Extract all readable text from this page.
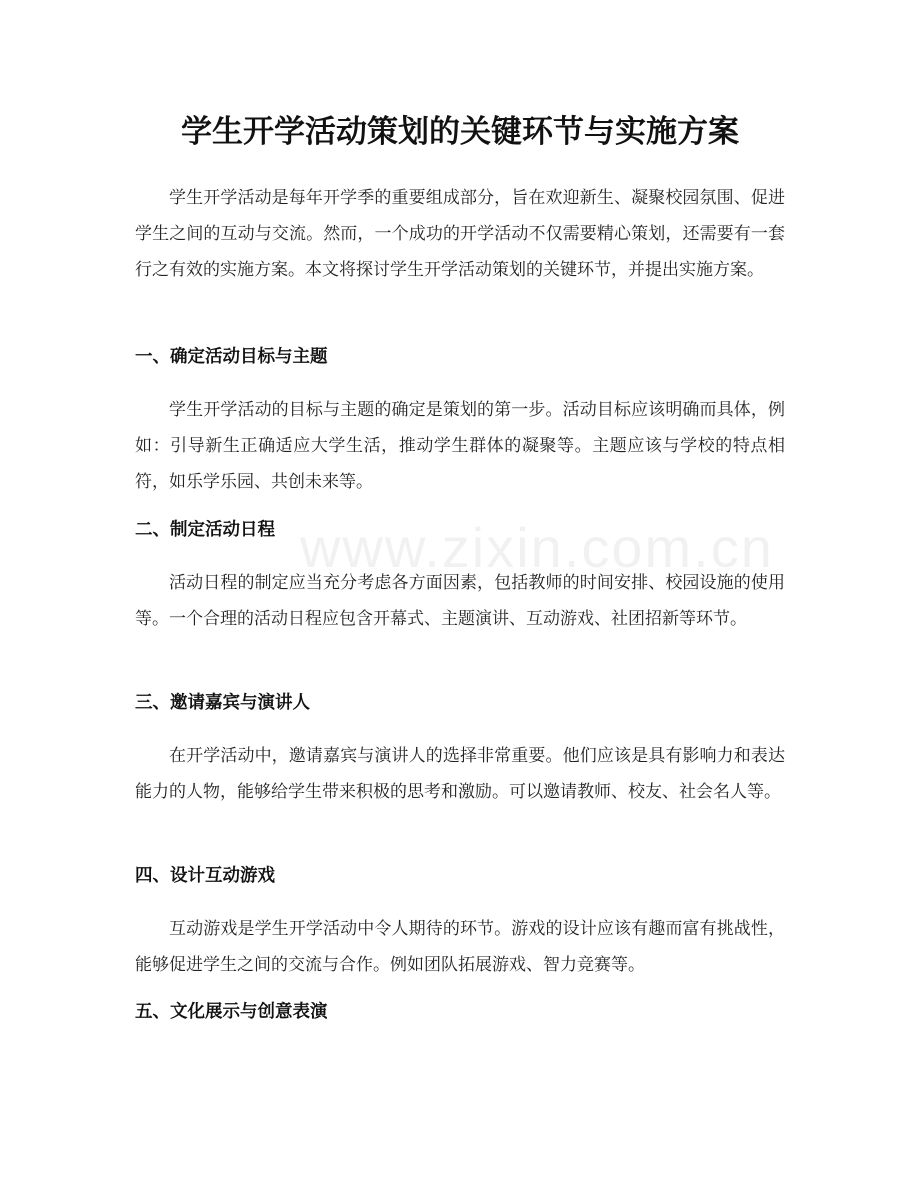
www.zixin.com.cn
学生开学活动策划的关键环节与实施方案

学生开学活动是每年开学季的重要组成部分，旨在欢迎新生、凝聚校园氛围、促进学生之间的互动与交流。然而，一个成功的开学活动不仅需要精心策划，还需要有一套行之有效的实施方案。本文将探讨学生开学活动策划的关键环节，并提出实施方案。

一、确定活动目标与主题

学生开学活动的目标与主题的确定是策划的第一步。活动目标应该明确而具体，例如：引导新生正确适应大学生活，推动学生群体的凝聚等。主题应该与学校的特点相符，如乐学乐园、共创未来等。

二、制定活动日程

活动日程的制定应当充分考虑各方面因素，包括教师的时间安排、校园设施的使用等。一个合理的活动日程应包含开幕式、主题演讲、互动游戏、社团招新等环节。

三、邀请嘉宾与演讲人

在开学活动中，邀请嘉宾与演讲人的选择非常重要。他们应该是具有影响力和表达能力的人物，能够给学生带来积极的思考和激励。可以邀请教师、校友、社会名人等。

四、设计互动游戏

互动游戏是学生开学活动中令人期待的环节。游戏的设计应该有趣而富有挑战性，能够促进学生之间的交流与合作。例如团队拓展游戏、智力竞赛等。

五、文化展示与创意表演
